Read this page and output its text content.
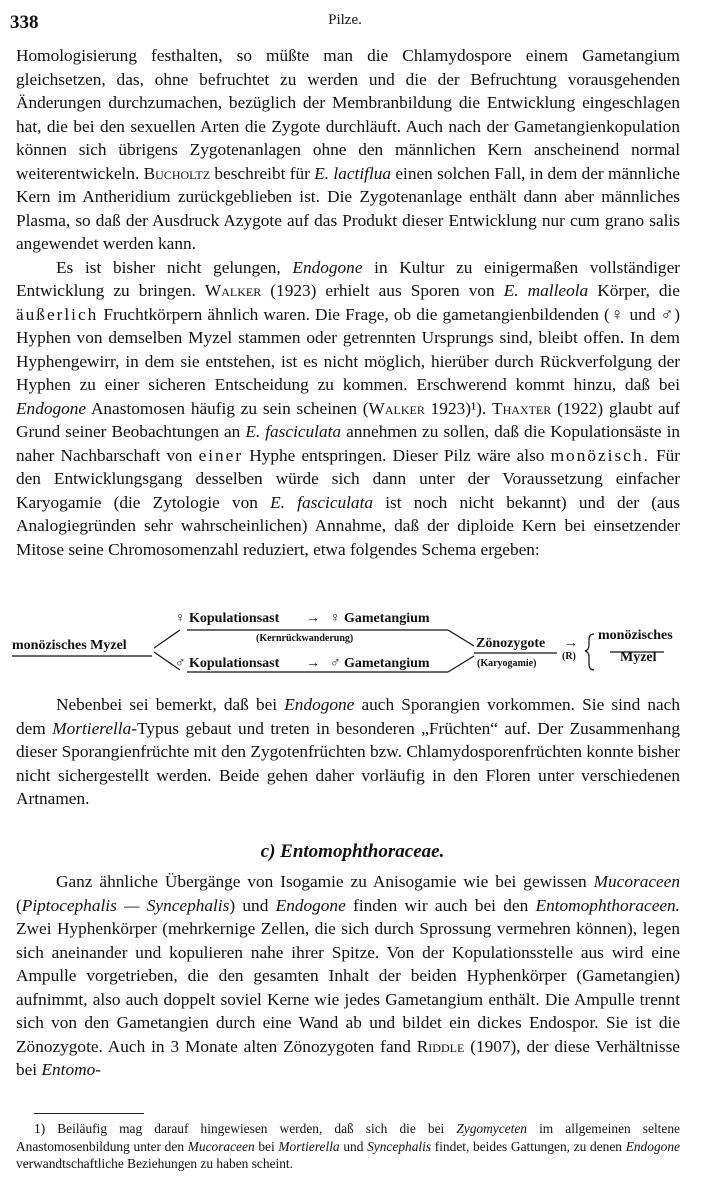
338	Pilze.

Homologisierung festhalten, so müßte man die Chlamydospore einem Gametangium gleichsetzen, das, ohne befruchtet zu werden und die der Befruchtung vorausgehenden Änderungen durchzumachen, bezüglich der Membranbildung die Entwicklung eingeschlagen hat, die bei den sexuellen Arten die Zygote durchläuft. Auch nach der Gametangienkopulation können sich übrigens Zygotenanlagen ohne den männlichen Kern anscheinend normal weiterentwickeln. Bucholtz beschreibt für E. lactiflua einen solchen Fall, in dem der männliche Kern im Antheridium zurückgeblieben ist. Die Zygotenanlage enthält dann aber männliches Plasma, so daß der Ausdruck Azygote auf das Produkt dieser Entwicklung nur cum grano salis angewendet werden kann.

Es ist bisher nicht gelungen, Endogone in Kultur zu einigermaßen vollständiger Entwicklung zu bringen. Walker (1923) erhielt aus Sporen von E. malleola Körper, die äußerlich Fruchtkörpern ähnlich waren. Die Frage, ob die gametangienbildenden (♀ und ♂) Hyphen von demselben Myzel stammen oder getrennten Ursprungs sind, bleibt offen. In dem Hyphengewirr, in dem sie entstehen, ist es nicht möglich, hierüber durch Rückverfolgung der Hyphen zu einer sicheren Entscheidung zu kommen. Erschwerend kommt hinzu, daß bei Endogone Anastomosen häufig zu sein scheinen (Walker 1923)¹). Thaxter (1922) glaubt auf Grund seiner Beobachtungen an E. fasciculata annehmen zu sollen, daß die Kopulationsäste in naher Nachbarschaft von einer Hyphe entspringen. Dieser Pilz wäre also monözisch. Für den Entwicklungsgang desselben würde sich dann unter der Voraussetzung einfacher Karyogamie (die Zytologie von E. fasciculata ist noch nicht bekannt) und der (aus Analogiegründen sehr wahrscheinlichen) Annahme, daß der diploide Kern bei einsetzender Mitose seine Chromosomenzahl reduziert, etwa folgendes Schema ergeben:

♀ Kopulationsast → ♀ Gametangium
(Kernrückwanderung)
monözisches Myzel
♂ Kopulationsast → ♂ Gametangium
Zönozygote →
(Karyogamie)
(R)
monözisches
Myzel

Nebenbei sei bemerkt, daß bei Endogone auch Sporangien vorkommen. Sie sind nach dem Mortierella-Typus gebaut und treten in besonderen „Früchten“ auf. Der Zusammenhang dieser Sporangienfrüchte mit den Zygotenfrüchten bzw. Chlamydosporenfrüchten konnte bisher nicht sichergestellt werden. Beide gehen daher vorläufig in den Floren unter verschiedenen Artnamen.

c) Entomophthoraceae.

Ganz ähnliche Übergänge von Isogamie zu Anisogamie wie bei gewissen Mucoraceen (Piptocephalis — Syncephalis) und Endogone finden wir auch bei den Entomophthoraceen. Zwei Hyphenkörper (mehrkernige Zellen, die sich durch Sprossung vermehren können), legen sich aneinander und kopulieren nahe ihrer Spitze. Von der Kopulationsstelle aus wird eine Ampulle vorgetrieben, die den gesamten Inhalt der beiden Hyphenkörper (Gametangien) aufnimmt, also auch doppelt soviel Kerne wie jedes Gametangium enthält. Die Ampulle trennt sich von den Gametangien durch eine Wand ab und bildet ein dickes Endospor. Sie ist die Zönozygote. Auch in 3 Monate alten Zönozygoten fand Riddle (1907), der diese Verhältnisse bei Entomo-

1) Beiläufig mag darauf hingewiesen werden, daß sich die bei Zygomyceten im allgemeinen seltene Anastomosenbildung unter den Mucoraceen bei Mortierella und Syncephalis findet, beides Gattungen, zu denen Endogone verwandtschaftliche Beziehungen zu haben scheint.
